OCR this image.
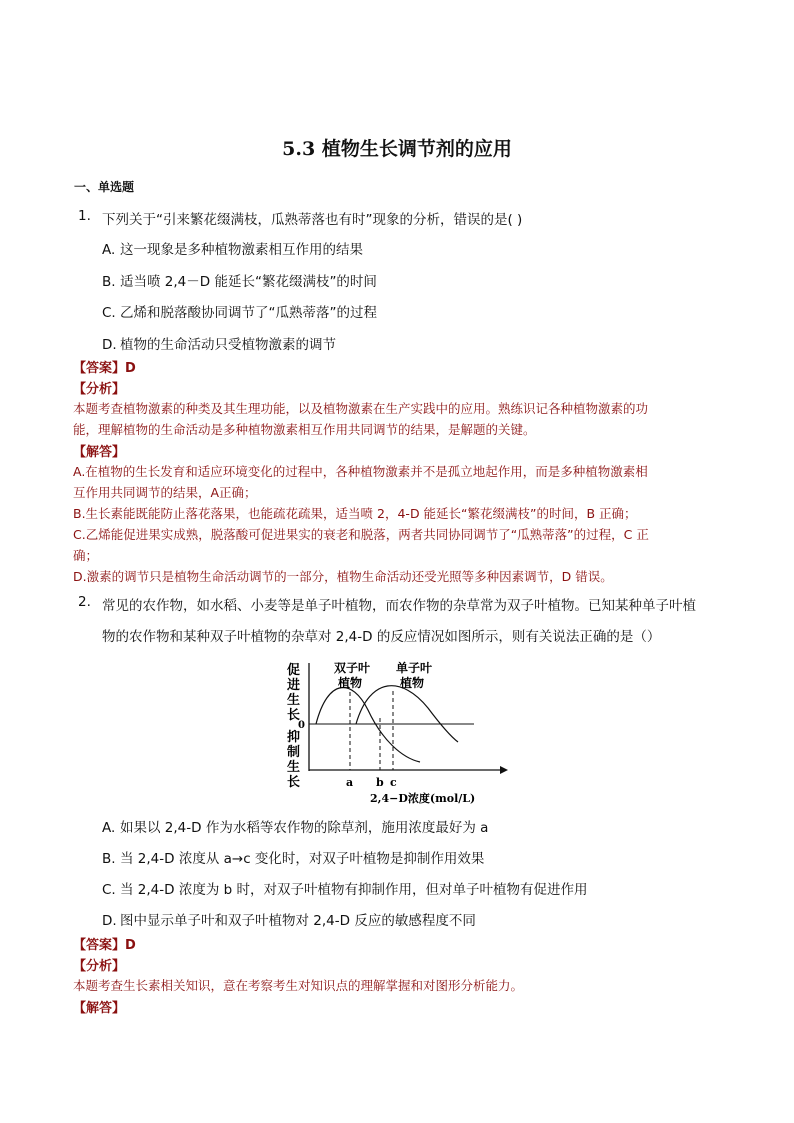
5.3 植物生长调节剂的应用
一、单选题
1. 下列关于“引来繁花缀满枝，瓜熟蒂落也有时”现象的分析，错误的是( )
A. 这一现象是多种植物激素相互作用的结果
B. 适当喷 2,4－D 能延长“繁花缀满枝”的时间
C. 乙烯和脱落酸协同调节了“瓜熟蒂落”的过程
D. 植物的生命活动只受植物激素的调节
【答案】D
【分析】
本题考查植物激素的种类及其生理功能，以及植物激素在生产实践中的应用。熟练识记各种植物激素的功
能，理解植物的生命活动是多种植物激素相互作用共同调节的结果，是解题的关键。
【解答】
A.在植物的生长发育和适应环境变化的过程中，各种植物激素并不是孤立地起作用，而是多种植物激素相
互作用共同调节的结果，A正确；
B.生长素能既能防止落花落果，也能疏花疏果，适当喷 2，4-D 能延长“繁花缀满枝”的时间，B 正确；
C.乙烯能促进果实成熟，脱落酸可促进果实的衰老和脱落，两者共同协同调节了“瓜熟蒂落”的过程，C 正
确；
D.激素的调节只是植物生命活动调节的一部分，植物生命活动还受光照等多种因素调节，D 错误。
2. 常见的农作物，如水稻、小麦等是单子叶植物，而农作物的杂草常为双子叶植物。已知某种单子叶植
物的农作物和某种双子叶植物的杂草对 2,4-D 的反应情况如图所示，则有关说法正确的是（）
促
进
生
长
0
抑
制
生
长
双子叶
植物
单子叶
植物
a b c
2,4−D浓度(mol/L)
A. 如果以 2,4-D 作为水稻等农作物的除草剂，施用浓度最好为 a
B. 当 2,4-D 浓度从 a→c 变化时，对双子叶植物是抑制作用效果
C. 当 2,4-D 浓度为 b 时，对双子叶植物有抑制作用，但对单子叶植物有促进作用
D. 图中显示单子叶和双子叶植物对 2,4-D 反应的敏感程度不同
【答案】D
【分析】
本题考查生长素相关知识，意在考察考生对知识点的理解掌握和对图形分析能力。
【解答】
